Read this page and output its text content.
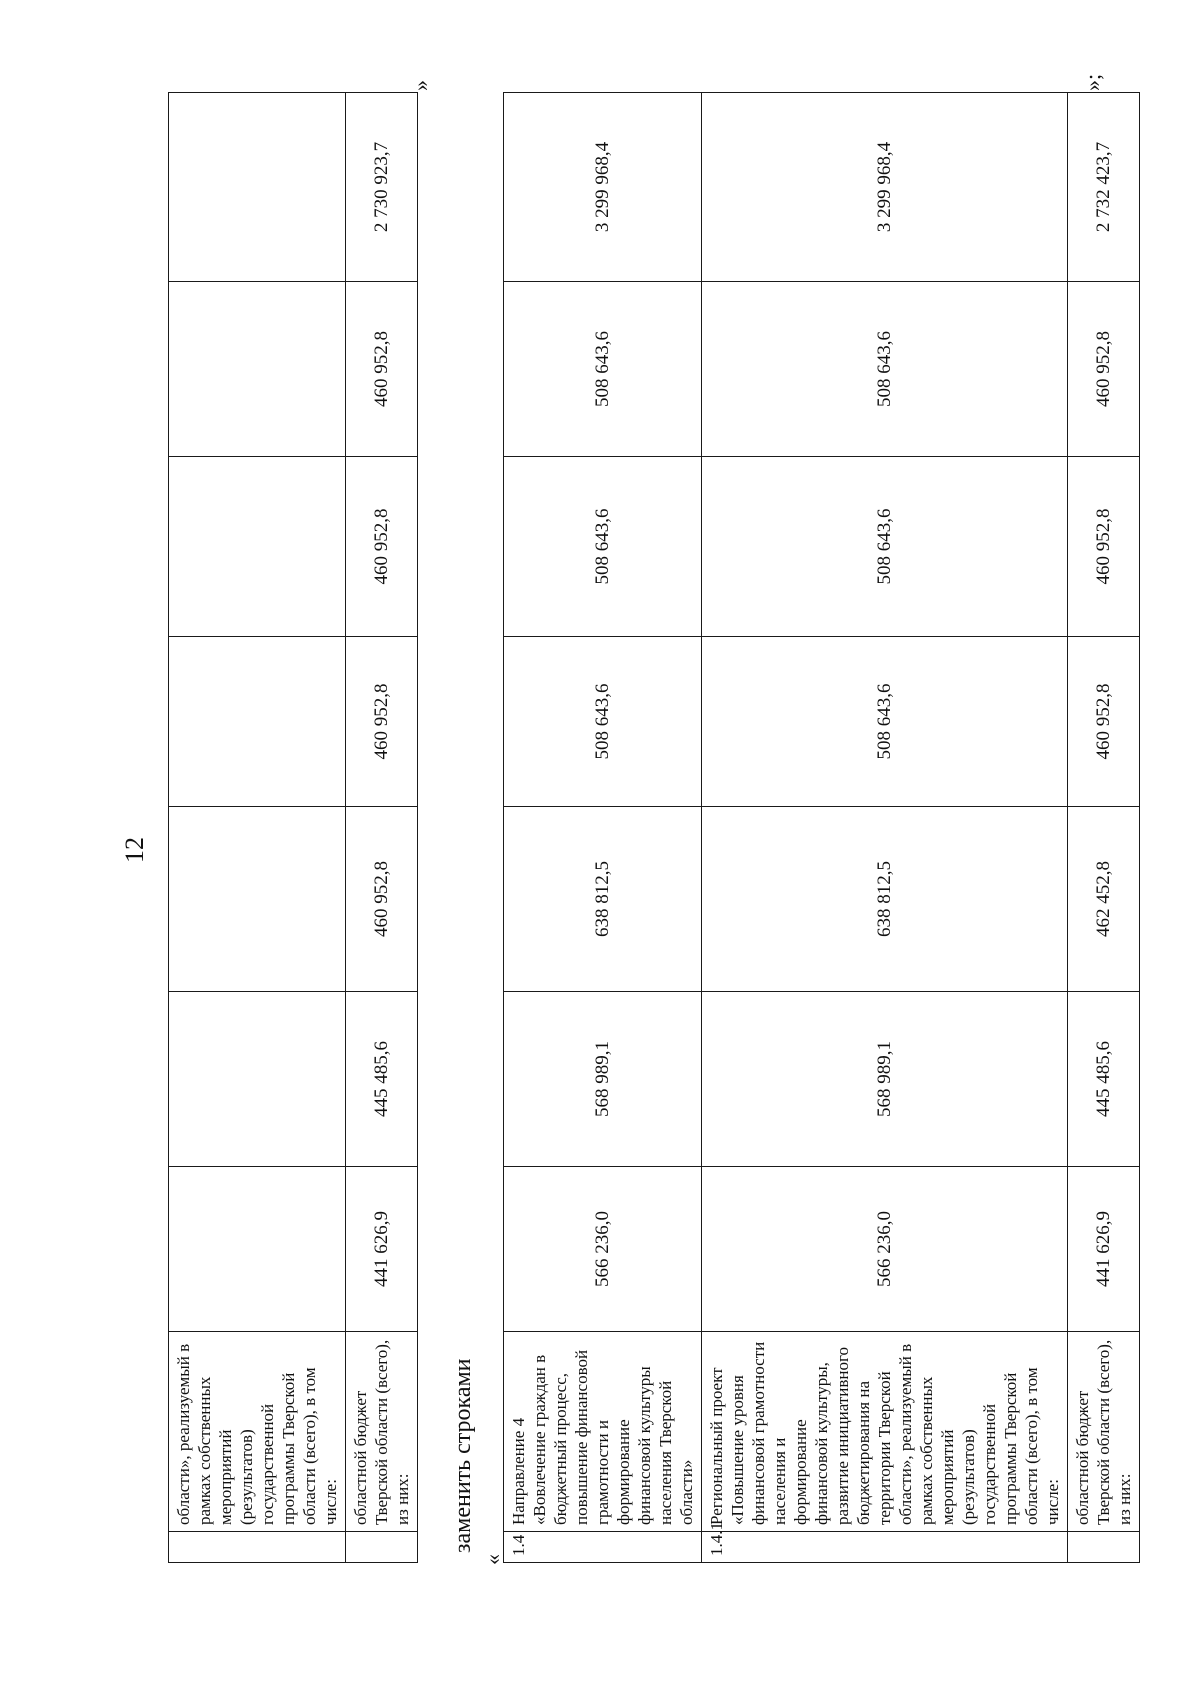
12
	области», реализуемый в рамках собственных мероприятий (результатов) государственной программы Тверской области (всего), в том числе:							
	областной бюджет Тверской области (всего), из них:	441 626,9	445 485,6	460 952,8	460 952,8	460 952,8	460 952,8	2 730 923,7
»
заменить строками
«
1.4	Направление 4 «Вовлечение граждан в бюджетный процесс, повышение финансовой грамотности и формирование финансовой культуры населения Тверской области»	566 236,0	568 989,1	638 812,5	508 643,6	508 643,6	508 643,6	3 299 968,4
1.4.1	Региональный проект «Повышение уровня финансовой грамотности населения и формирование финансовой культуры, развитие инициативного бюджетирования на территории Тверской области», реализуемый в рамках собственных мероприятий (результатов) государственной программы Тверской области (всего), в том числе:	566 236,0	568 989,1	638 812,5	508 643,6	508 643,6	508 643,6	3 299 968,4
	областной бюджет Тверской области (всего), из них:	441 626,9	445 485,6	462 452,8	460 952,8	460 952,8	460 952,8	2 732 423,7
»;
